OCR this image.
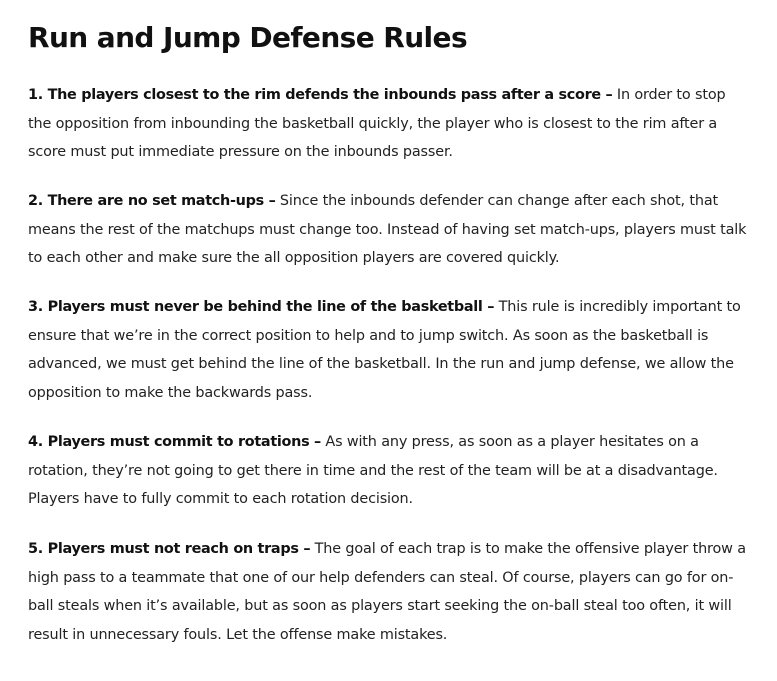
Run and Jump Defense Rules

1. The players closest to the rim defends the inbounds pass after a score – In order to stop the opposition from inbounding the basketball quickly, the player who is closest to the rim after a score must put immediate pressure on the inbounds passer.

2. There are no set match-ups – Since the inbounds defender can change after each shot, that means the rest of the matchups must change too. Instead of having set match-ups, players must talk to each other and make sure the all opposition players are covered quickly.

3. Players must never be behind the line of the basketball – This rule is incredibly important to ensure that we’re in the correct position to help and to jump switch. As soon as the basketball is advanced, we must get behind the line of the basketball. In the run and jump defense, we allow the opposition to make the backwards pass.

4. Players must commit to rotations – As with any press, as soon as a player hesitates on a rotation, they’re not going to get there in time and the rest of the team will be at a disadvantage. Players have to fully commit to each rotation decision.

5. Players must not reach on traps – The goal of each trap is to make the offensive player throw a high pass to a teammate that one of our help defenders can steal. Of course, players can go for on-ball steals when it’s available, but as soon as players start seeking the on-ball steal too often, it will result in unnecessary fouls. Let the offense make mistakes.
